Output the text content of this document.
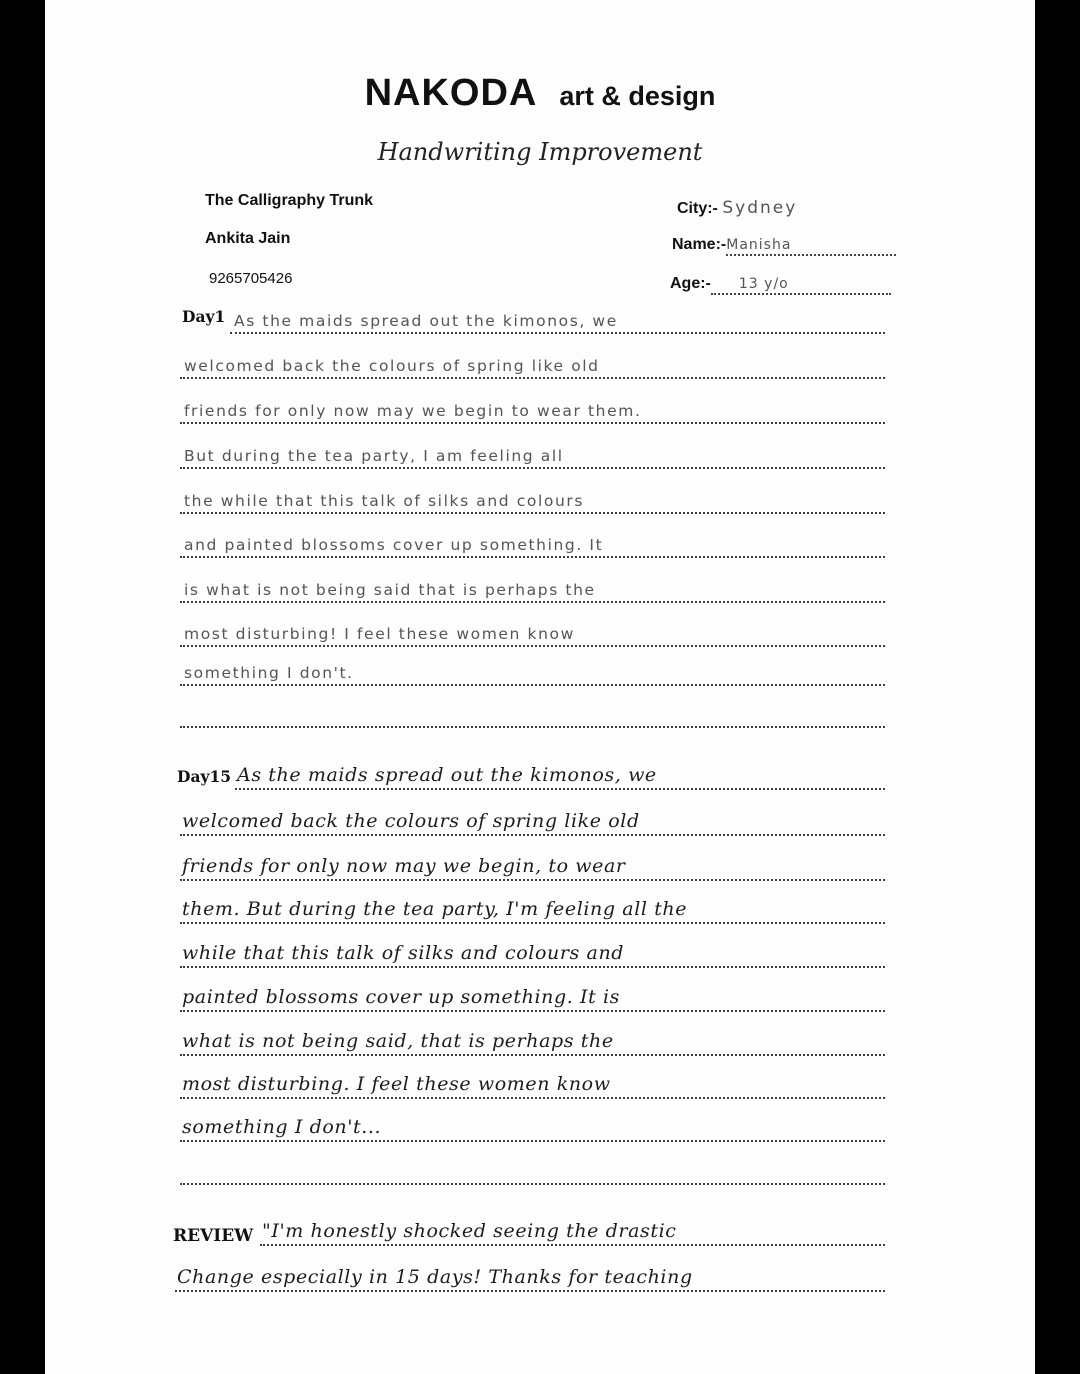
NAKODA art & design
Handwriting Improvement
The Calligraphy Trunk
Ankita Jain
9265705426
City:- Sydney
Name:-Manisha
Age:- 13 y/o
Day1 As the maids spread out the kimonos, we
welcomed back the colours of spring like old
friends for only now may we begin to wear them.
But during the tea party, I am feeling all
the while that this talk of silks and colours
and painted blossoms cover up something. It
is what is not being said that is perhaps the
most disturbing! I feel these women know
something I don't.
Day15 As the maids spread out the kimonos, we
welcomed back the colours of spring like old
friends for only now may we begin, to wear
them. But during the tea party, I'm feeling all the
while that this talk of silks and colours and
painted blossoms cover up something. It is
what is not being said, that is perhaps the
most disturbing. I feel these women know
something I don't...
REVIEW "I'm honestly shocked seeing the drastic
Change especially in 15 days! Thanks for teaching
